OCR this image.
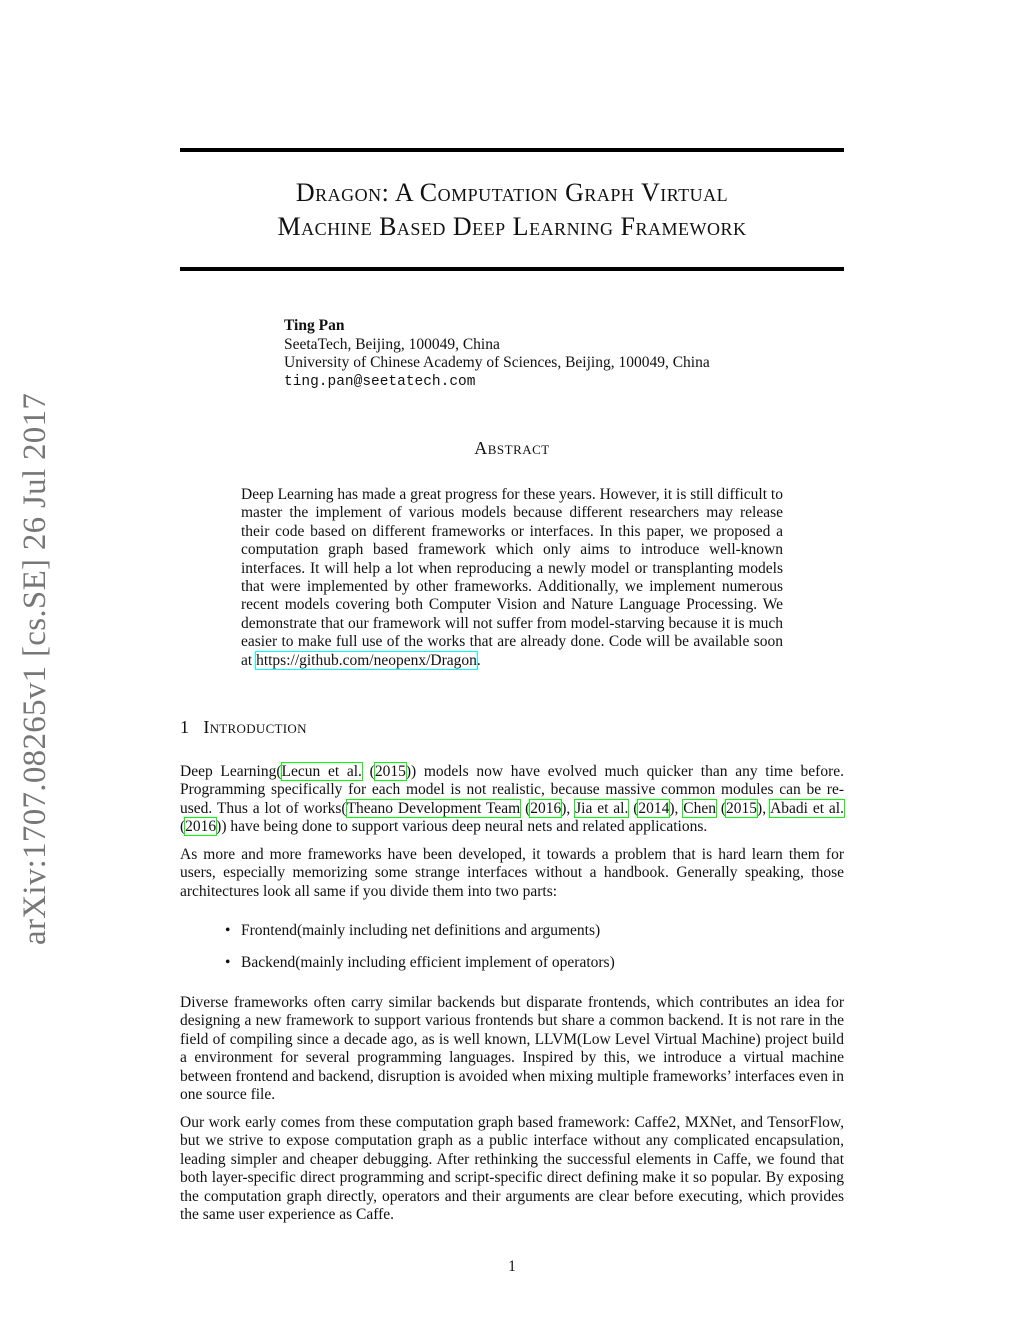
arXiv:1707.08265v1 [cs.SE] 26 Jul 2017
Dragon: A Computation Graph Virtual
Machine Based Deep Learning Framework
Ting Pan
SeetaTech, Beijing, 100049, China
University of Chinese Academy of Sciences, Beijing, 100049, China
ting.pan@seetatech.com
Abstract
Deep Learning has made a great progress for these years. However, it is still difficult to master the implement of various models because different researchers may release their code based on different frameworks or interfaces. In this paper, we proposed a computation graph based framework which only aims to introduce well-known interfaces. It will help a lot when reproducing a newly model or transplanting models that were implemented by other frameworks. Additionally, we implement numerous recent models covering both Computer Vision and Nature Language Processing. We demonstrate that our framework will not suffer from model-starving because it is much easier to make full use of the works that are already done. Code will be available soon at https://github.com/neopenx/Dragon.
1 Introduction
Deep Learning(Lecun et al. (2015)) models now have evolved much quicker than any time before. Programming specifically for each model is not realistic, because massive common modules can be re-used. Thus a lot of works(Theano Development Team (2016), Jia et al. (2014), Chen (2015), Abadi et al. (2016)) have being done to support various deep neural nets and related applications.
As more and more frameworks have been developed, it towards a problem that is hard learn them for users, especially memorizing some strange interfaces without a handbook. Generally speaking, those architectures look all same if you divide them into two parts:
• Frontend(mainly including net definitions and arguments)
• Backend(mainly including efficient implement of operators)
Diverse frameworks often carry similar backends but disparate frontends, which contributes an idea for designing a new framework to support various frontends but share a common backend. It is not rare in the field of compiling since a decade ago, as is well known, LLVM(Low Level Virtual Machine) project build a environment for several programming languages. Inspired by this, we introduce a virtual machine between frontend and backend, disruption is avoided when mixing multiple frameworks’ interfaces even in one source file.
Our work early comes from these computation graph based framework: Caffe2, MXNet, and TensorFlow, but we strive to expose computation graph as a public interface without any complicated encapsulation, leading simpler and cheaper debugging. After rethinking the successful elements in Caffe, we found that both layer-specific direct programming and script-specific direct defining make it so popular. By exposing the computation graph directly, operators and their arguments are clear before executing, which provides the same user experience as Caffe.
1
